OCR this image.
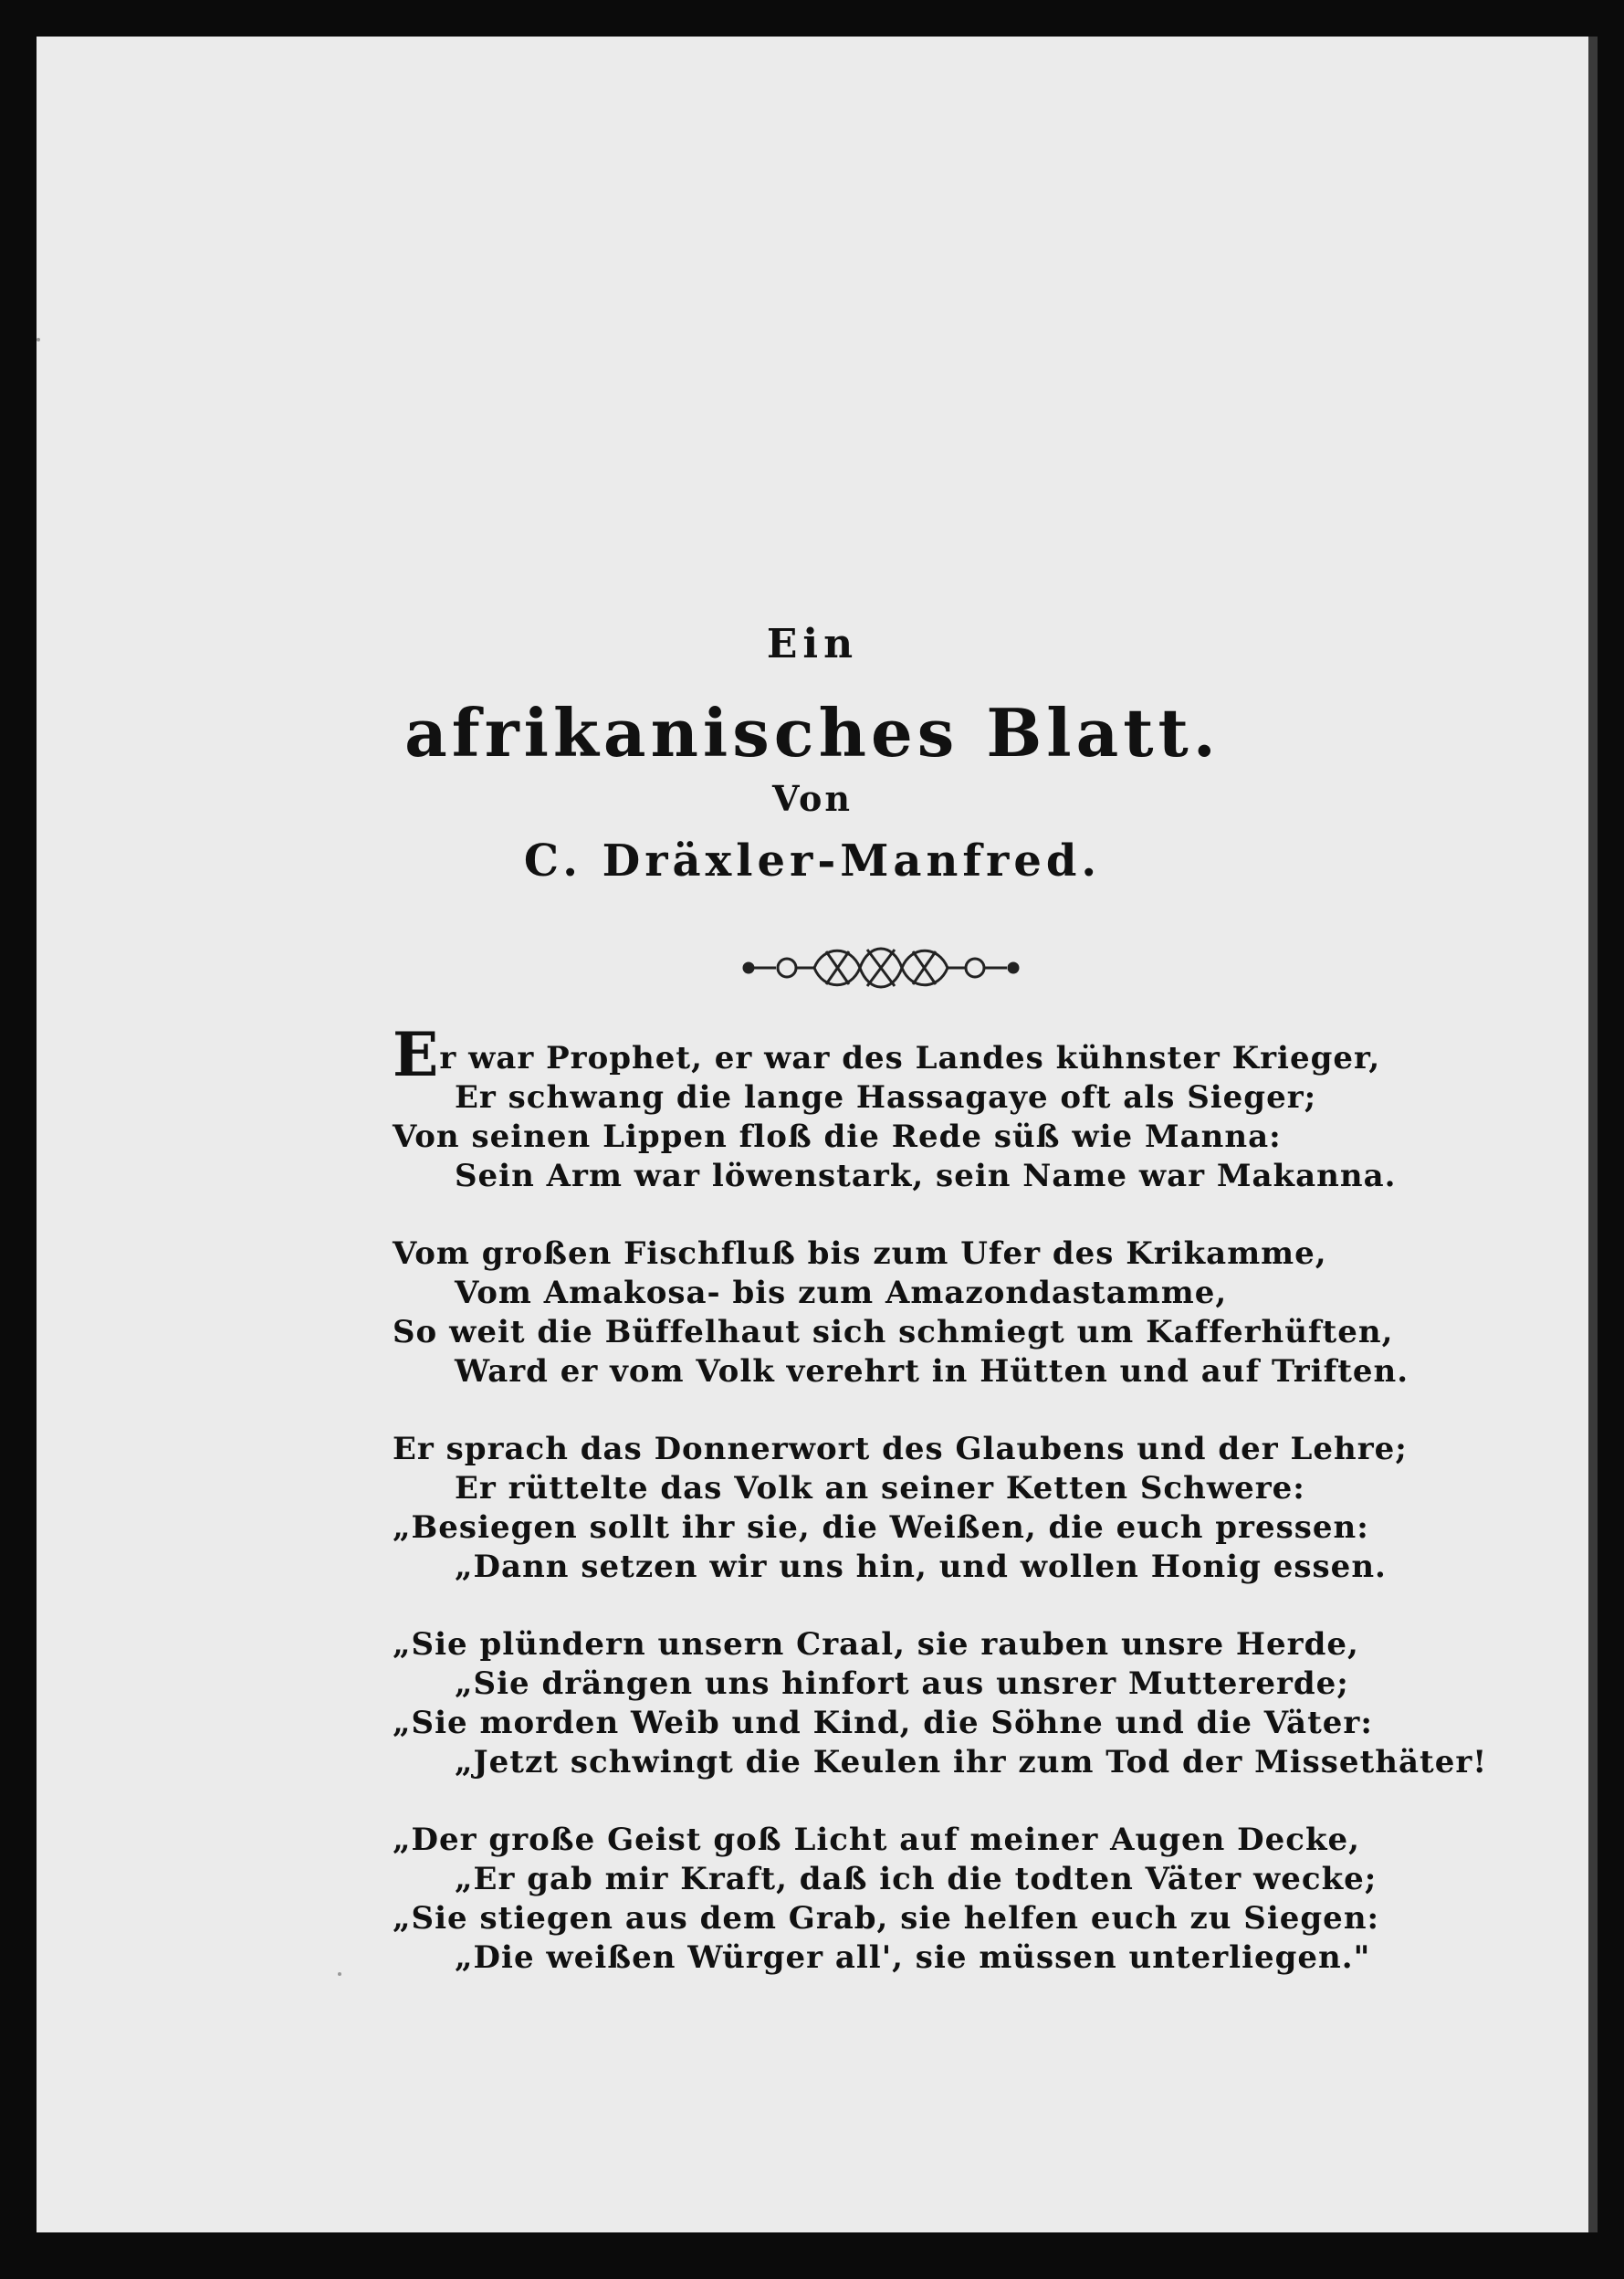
Ein
afrikanisches Blatt.
Von
C. Dräxler-Manfred.
Er war Prophet, er war des Landes kühnster Krieger,
Er schwang die lange Hassagaye oft als Sieger;
Von seinen Lippen floß die Rede süß wie Manna:
Sein Arm war löwenstark, sein Name war Makanna.
Vom großen Fischfluß bis zum Ufer des Krikamme,
Vom Amakosa- bis zum Amazondastamme,
So weit die Büffelhaut sich schmiegt um Kafferhüften,
Ward er vom Volk verehrt in Hütten und auf Triften.
Er sprach das Donnerwort des Glaubens und der Lehre;
Er rüttelte das Volk an seiner Ketten Schwere:
„Besiegen sollt ihr sie, die Weißen, die euch pressen:
„Dann setzen wir uns hin, und wollen Honig essen.
„Sie plündern unsern Craal, sie rauben unsre Herde,
„Sie drängen uns hinfort aus unsrer Muttererde;
„Sie morden Weib und Kind, die Söhne und die Väter:
„Jetzt schwingt die Keulen ihr zum Tod der Missethäter!
„Der große Geist goß Licht auf meiner Augen Decke,
„Er gab mir Kraft, daß ich die todten Väter wecke;
„Sie stiegen aus dem Grab, sie helfen euch zu Siegen:
„Die weißen Würger all', sie müssen unterliegen."
